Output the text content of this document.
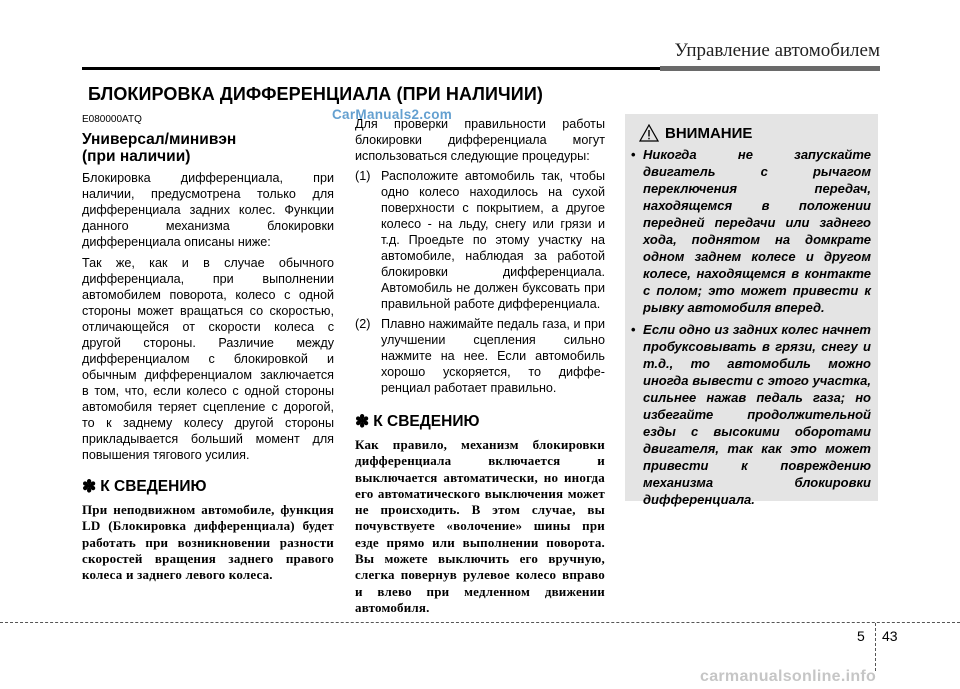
Управление автомобилем
БЛОКИРОВКА ДИФФЕРЕНЦИАЛА (ПРИ НАЛИЧИИ)
E080000ATQ
Универсал/минивэн
(при наличии)

Блокировка дифференциала, при наличии, предусмотрена только для дифференциала задних колес. Функции данного механизма блокировки дифференциала описаны ниже:

Так же, как и в случае обычного дифференциала, при выполнении автомобилем поворота, колесо с одной стороны может вращаться со скоростью, отличающейся от скорости колеса с другой стороны. Различие между дифференциалом с блокировкой и обычным дифференциалом заключается в том, что, если колесо с одной стороны автомобиля теряет сцепление с дорогой, то к заднему колесу другой стороны прикладывается больший момент для повышения тягового усилия.

✽ К СВЕДЕНИЮ

При неподвижном автомобиле, функция LD (Блокировка дифференциала) будет работать при возникновении разности скоростей вращения заднего правого колеса и заднего левого колеса.

CarManuals2.com

Для проверки правильности работы блокировки дифференциала могут использоваться следующие процедуры:

(1) Расположите автомобиль так, чтобы одно колесо находилось на сухой поверхности с покрытием, а другое колесо - на льду, снегу или грязи и т.д. Проедьте по этому участку на автомобиле, наблюдая за работой блокировки дифференциала. Автомобиль не должен буксовать при правильной работе дифференциала.
(2) Плавно нажимайте педаль газа, и при улучшении сцепления сильно нажмите на нее. Если автомобиль хорошо ускоряется, то диффе-ренциал работает правильно.
✽ К СВЕДЕНИЮ

Как правило, механизм блокировки дифференциала включается и выключается автоматически, но иногда его автоматического выключения может не происходить. В этом случае, вы почувствуете «волочение» шины при езде прямо или выполнении поворота. Вы можете выключить его вручную, слегка повернув рулевое колесо вправо и влево при медленном движении автомобиля.

ВНИМАНИЕ
• Никогда не запускайте двигатель с рычагом переключения передач, находящемся в положении передней передачи или заднего хода, поднятом на домкрате одном заднем колесе и другом колесе, находящемся в контакте с полом; это может привести к рывку автомобиля вперед.
• Если одно из задних колес начнет пробуксовывать в грязи, снегу и т.д., то автомобиль можно иногда вывести с этого участка, сильнее нажав педаль газа; но избегайте продолжительной езды с высокими оборотами двигателя, так как это может привести к повреждению механизма блокировки дифференциала.
5 43
carmanualsonline.info
